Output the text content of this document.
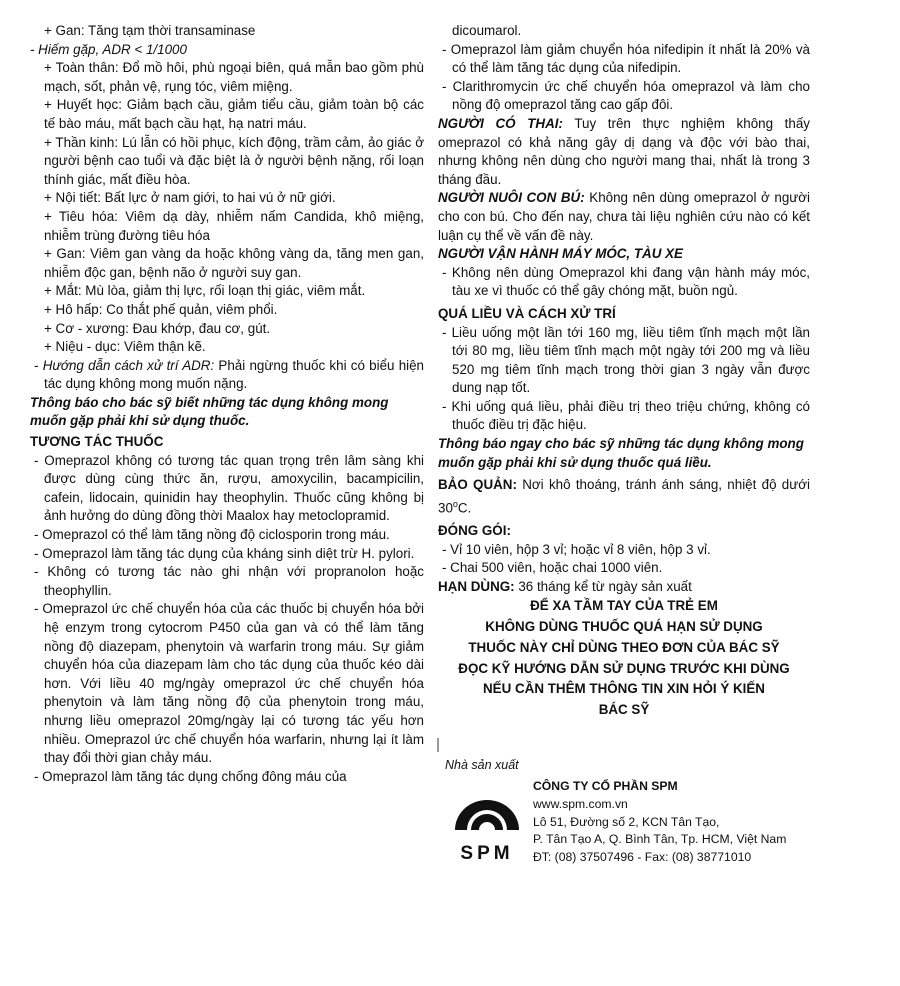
+ Gan: Tăng tạm thời transaminase

- Hiếm gặp, ADR < 1/1000

+ Toàn thân: Đổ mồ hôi, phù ngoại biên, quá mẫn bao gồm phù mạch, sốt, phản vệ, rụng tóc, viêm miệng.

+ Huyết học: Giảm bạch cầu, giảm tiểu cầu, giảm toàn bộ các tế bào máu, mất bạch cầu hạt, hạ natri máu.

+ Thần kinh: Lú lẫn có hồi phục, kích động, trầm cảm, ảo giác ở người bệnh cao tuổi và đặc biệt là ở người bệnh nặng, rối loạn thính giác, mất điều hòa.

+ Nội tiết: Bất lực ở nam giới, to hai vú ở nữ giới.

+ Tiêu hóa: Viêm dạ dày, nhiễm nấm Candida, khô miệng, nhiễm trùng đường tiêu hóa

+ Gan: Viêm gan vàng da hoặc không vàng da, tăng men gan, nhiễm độc gan, bệnh não ở người suy gan.

+ Mắt: Mù lòa, giảm thị lực, rối loạn thị giác, viêm mắt.

+ Hô hấp: Co thắt phế quản, viêm phổi.

+ Cơ - xương: Đau khớp, đau cơ, gút.

+ Niệu - dục: Viêm thận kẽ.

- Hướng dẫn cách xử trí ADR: Phải ngừng thuốc khi có biểu hiện tác dụng không mong muốn nặng.

Thông báo cho bác sỹ biết những tác dụng không mong muốn gặp phải khi sử dụng thuốc.

TƯƠNG TÁC THUỐC

- Omeprazol không có tương tác quan trọng trên lâm sàng khi được dùng cùng thức ăn, rượu, amoxycilin, bacampicilin, cafein, lidocain, quinidin hay theophylin. Thuốc cũng không bị ảnh hưởng do dùng đồng thời Maalox hay metoclopramid.

- Omeprazol có thể làm tăng nồng độ ciclosporin trong máu.

- Omeprazol làm tăng tác dụng của kháng sinh diệt trừ H. pylori.

- Không có tương tác nào ghi nhận với propranolon hoặc theophyllin.

- Omeprazol ức chế chuyển hóa của các thuốc bị chuyển hóa bởi hệ enzym trong cytocrom P450 của gan và có thể làm tăng nồng độ diazepam, phenytoin và warfarin trong máu. Sự giảm chuyển hóa của diazepam làm cho tác dụng của thuốc kéo dài hơn. Với liều 40 mg/ngày omeprazol ức chế chuyển hóa phenytoin và làm tăng nồng độ của phenytoin trong máu, nhưng liều omeprazol 20mg/ngày lại có tương tác yếu hơn nhiều. Omeprazol ức chế chuyển hóa warfarin, nhưng lại ít làm thay đổi thời gian chảy máu.

- Omeprazol làm tăng tác dụng chống đông máu của

dicoumarol.

- Omeprazol làm giảm chuyển hóa nifedipin ít nhất là 20% và có thể làm tăng tác dụng của nifedipin.

- Clarithromycin ức chế chuyển hóa omeprazol và làm cho nồng độ omeprazol tăng cao gấp đôi.

NGƯỜI CÓ THAI: Tuy trên thực nghiệm không thấy omeprazol có khả năng gây dị dạng và độc với bào thai, nhưng không nên dùng cho người mang thai, nhất là trong 3 tháng đầu.

NGƯỜI NUÔI CON BÚ: Không nên dùng omeprazol ở người cho con bú. Cho đến nay, chưa tài liệu nghiên cứu nào có kết luận cụ thể về vấn đề này.

NGƯỜI VẬN HÀNH MÁY MÓC, TÀU XE

- Không nên dùng Omeprazol khi đang vận hành máy móc, tàu xe vì thuốc có thể gây chóng mặt, buồn ngủ.

QUÁ LIỀU VÀ CÁCH XỬ TRÍ

- Liều uống một lần tới 160 mg, liều tiêm tĩnh mạch một lần tới 80 mg, liều tiêm tĩnh mạch một ngày tới 200 mg và liều 520 mg tiêm tĩnh mạch trong thời gian 3 ngày vẫn được dung nạp tốt.

- Khi uống quá liều, phải điều trị theo triệu chứng, không có thuốc điều trị đặc hiệu.

Thông báo ngay cho bác sỹ những tác dụng không mong muốn gặp phải khi sử dụng thuốc quá liều.

BẢO QUẢN: Nơi khô thoáng, tránh ánh sáng, nhiệt độ dưới 30$^o$C.

ĐÓNG GÓI:

- Vỉ 10 viên, hộp 3 vỉ; hoặc vỉ 8 viên, hộp 3 vỉ.

- Chai 500 viên, hoặc chai 1000 viên.

HẠN DÙNG: 36 tháng kể từ ngày sản xuất

ĐỂ XA TẦM TAY CỦA TRẺ EM

KHÔNG DÙNG THUỐC QUÁ HẠN SỬ DỤNG

THUỐC NÀY CHỈ DÙNG THEO ĐƠN CỦA BÁC SỸ

ĐỌC KỸ HƯỚNG DẪN SỬ DỤNG TRƯỚC KHI DÙNG

NẾU CẦN THÊM THÔNG TIN XIN HỎI Ý KIẾN

BÁC SỸ

Nhà sản xuất

SPM

CÔNG TY CỔ PHẦN SPM

www.spm.com.vn

Lô 51, Đường số 2, KCN Tân Tạo,

P. Tân Tạo A, Q. Bình Tân, Tp. HCM, Việt Nam

ĐT: (08) 37507496 - Fax: (08) 38771010
